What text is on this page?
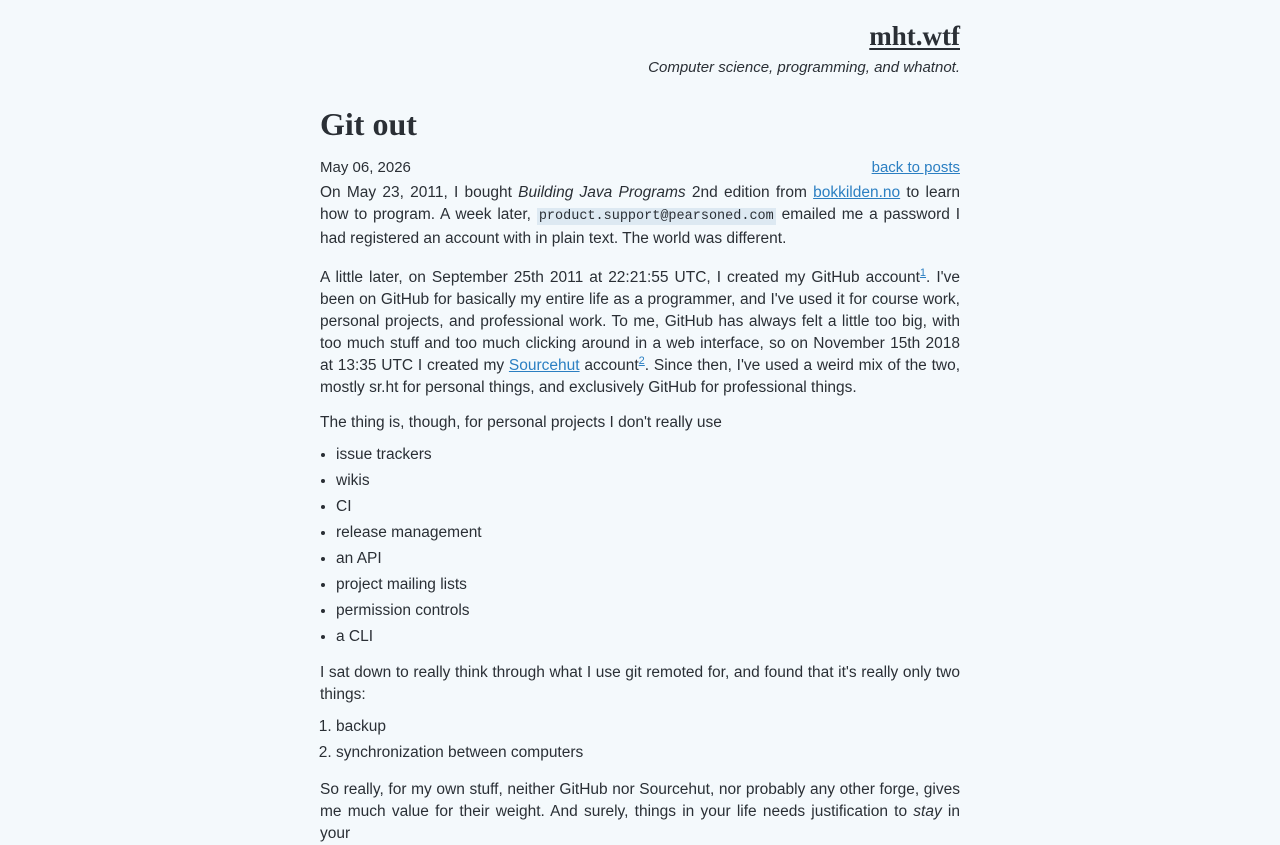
mht.wtf
Computer science, programming, and whatnot.
Git out
May 06, 2026	back to posts

On May 23, 2011, I bought Building Java Programs 2nd edition from bokkilden.no to learn how to program. A week later, product.support@pearsoned.com emailed me a password I had registered an account with in plain text. The world was different.

A little later, on September 25th 2011 at 22:21:55 UTC, I created my GitHub account$^1$. I've been on GitHub for basically my entire life as a programmer, and I've used it for course work, personal projects, and professional work. To me, GitHub has always felt a little too big, with too much stuff and too much clicking around in a web interface, so on November 15th 2018 at 13:35 UTC I created my Sourcehut account$^2$. Since then, I've used a weird mix of the two, mostly sr.ht for personal things, and exclusively GitHub for professional things.

The thing is, though, for personal projects I don't really use

• issue trackers
• wikis
• CI
• release management
• an API
• project mailing lists
• permission controls
• a CLI

I sat down to really think through what I use git remoted for, and found that it's really only two things:

1. backup
2. synchronization between computers

So really, for my own stuff, neither GitHub nor Sourcehut, nor probably any other forge, gives me much value for their weight. And surely, things in your life needs justification to stay in your
